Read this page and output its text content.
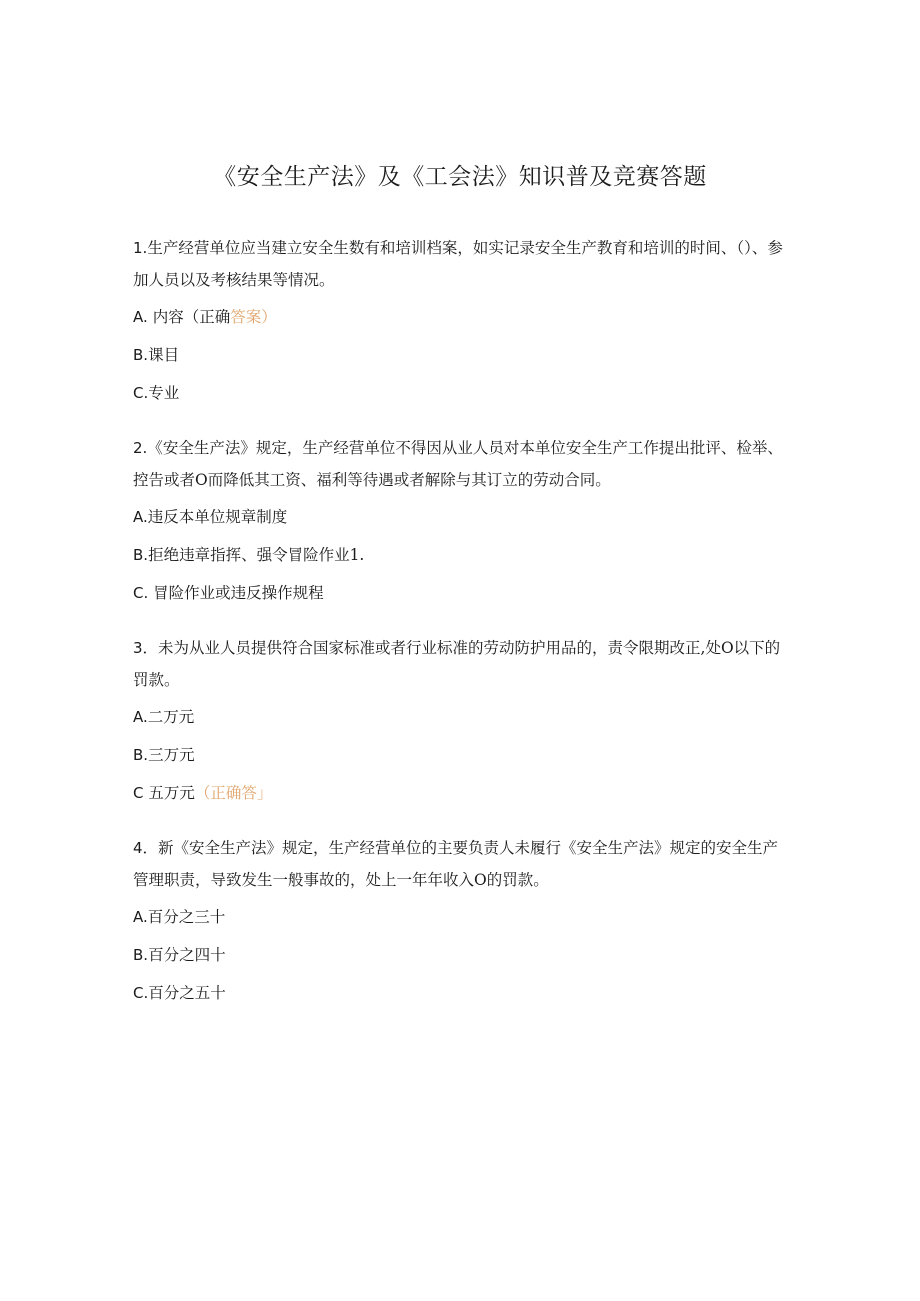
《安全生产法》及《工会法》知识普及竞赛答题

1.生产经营单位应当建立安全生数有和培训档案，如实记录安全生产教育和培训的时间、（）、参加人员以及考核结果等情况。

A. 内容（正确答案）

B.课目

C.专业

2.《安全生产法》规定，生产经营单位不得因从业人员对本单位安全生产工作提出批评、检举、控告或者O而降低其工资、福利等待遇或者解除与其订立的劳动合同。

A.违反本单位规章制度

B.拒绝违章指挥、强令冒险作业1.

C. 冒险作业或违反操作规程

3．未为从业人员提供符合国家标准或者行业标准的劳动防护用品的，责令限期改正,处O以下的罚款。

A.二万元

B.三万元

C 五万元（正确答」

4．新《安全生产法》规定，生产经营单位的主要负责人未履行《安全生产法》规定的安全生产管理职责，导致发生一般事故的，处上一年年收入O的罚款。

A.百分之三十

B.百分之四十

C.百分之五十
